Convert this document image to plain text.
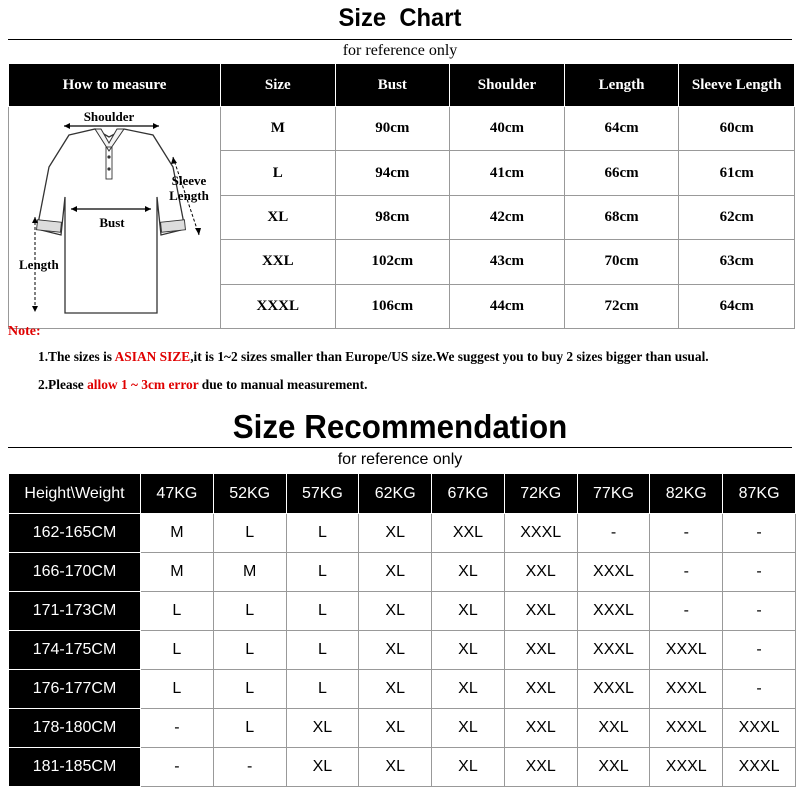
Size Chart
for reference only
How to measure	Size	Bust	Shoulder	Length	Sleeve Length

Shoulder
Bust
Sleeve
Length
Length	M	90cm	40cm	64cm	60cm
	L	94cm	41cm	66cm	61cm
	XL	98cm	42cm	68cm	62cm
	XXL	102cm	43cm	70cm	63cm
	XXXL	106cm	44cm	72cm	64cm
Note:
1.The sizes is ASIAN SIZE,it is 1~2 sizes smaller than Europe/US size.We suggest you to buy 2 sizes bigger than usual.
2.Please allow 1 ~ 3cm error due to manual measurement.
Size Recommendation
for reference only
Height\Weight	47KG	52KG	57KG	62KG	67KG	72KG	77KG	82KG	87KG
162-165CM	M	L	L	XL	XXL	XXXL	-	-	-
166-170CM	M	M	L	XL	XL	XXL	XXXL	-	-
171-173CM	L	L	L	XL	XL	XXL	XXXL	-	-
174-175CM	L	L	L	XL	XL	XXL	XXXL	XXXL	-
176-177CM	L	L	L	XL	XL	XXL	XXXL	XXXL	-
178-180CM	-	L	XL	XL	XL	XXL	XXL	XXXL	XXXL
181-185CM	-	-	XL	XL	XL	XXL	XXL	XXXL	XXXL
